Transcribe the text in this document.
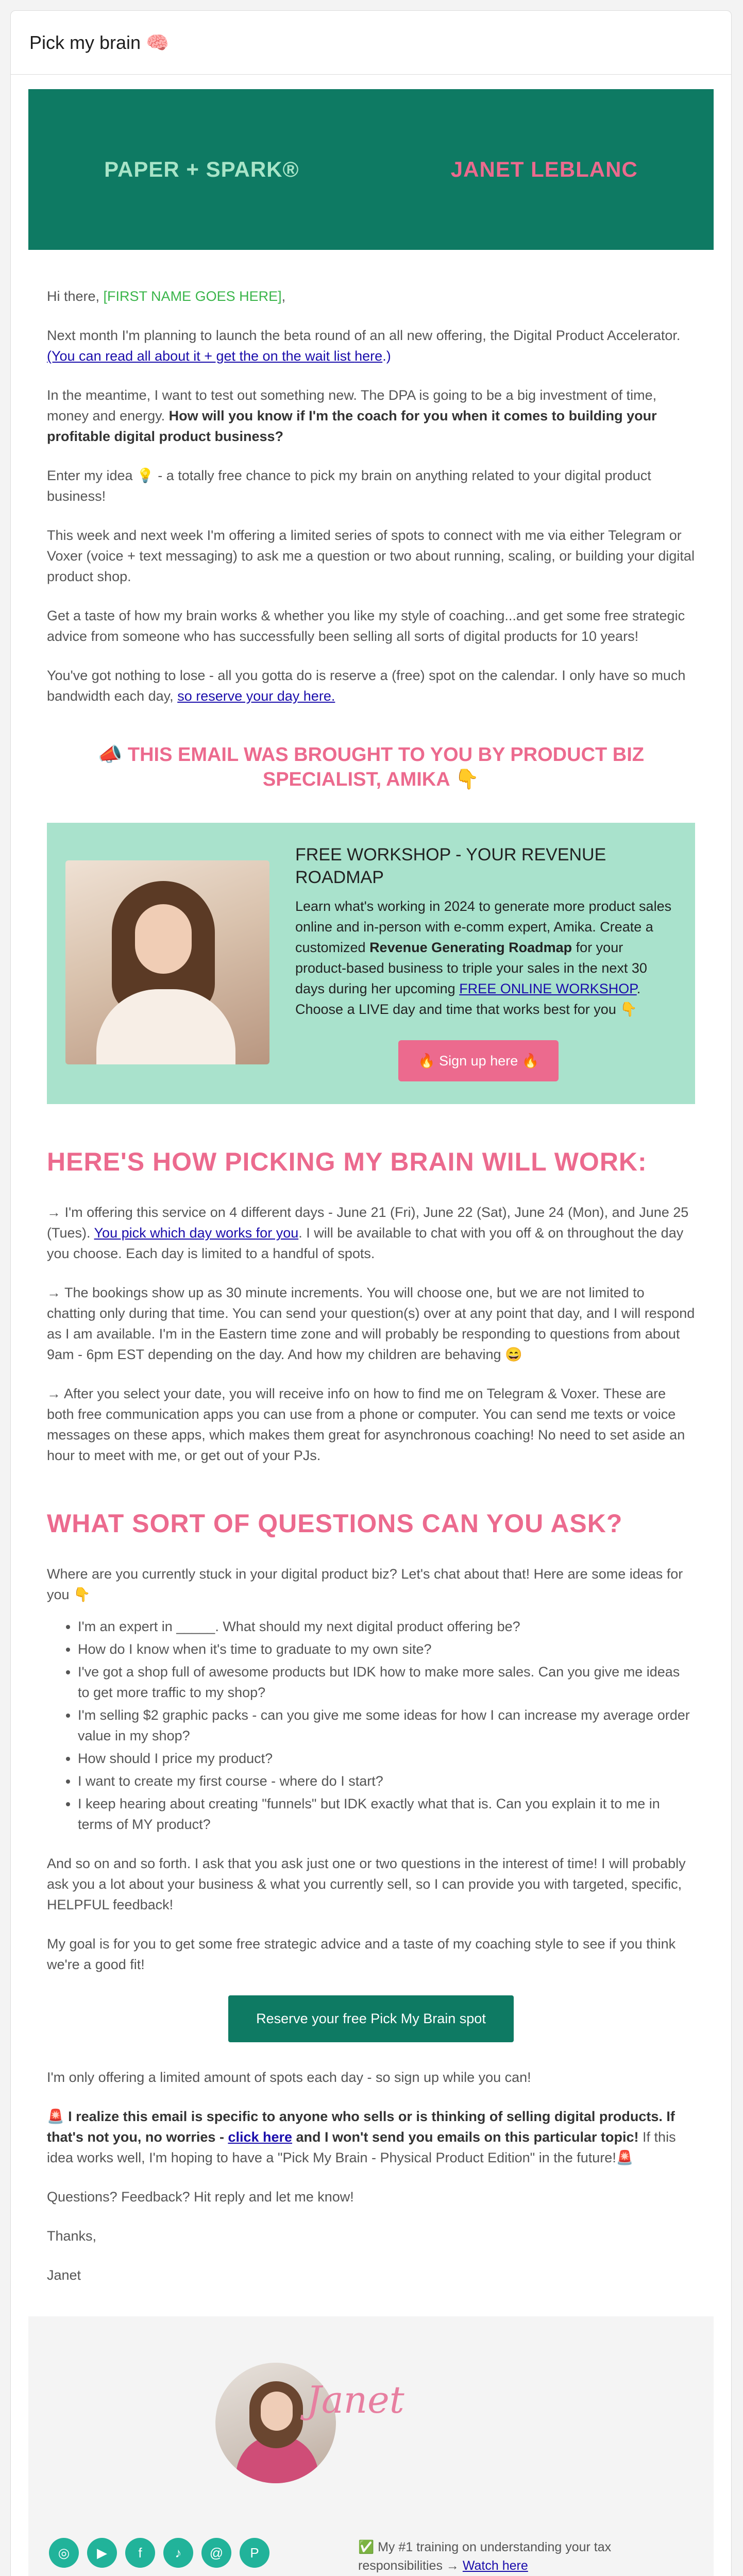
Pick my brain 🧠
PAPER + SPARK®	JANET LEBLANC

Hi there, [FIRST NAME GOES HERE],

Next month I'm planning to launch the beta round of an all new offering, the Digital Product Accelerator. (You can read all about it + get the on the wait list here.)

In the meantime, I want to test out something new. The DPA is going to be a big investment of time, money and energy. How will you know if I'm the coach for you when it comes to building your profitable digital product business?

Enter my idea 💡 - a totally free chance to pick my brain on anything related to your digital product business!

This week and next week I'm offering a limited series of spots to connect with me via either Telegram or Voxer (voice + text messaging) to ask me a question or two about running, scaling, or building your digital product shop.

Get a taste of how my brain works & whether you like my style of coaching...and get some free strategic advice from someone who has successfully been selling all sorts of digital products for 10 years!

You've got nothing to lose - all you gotta do is reserve a (free) spot on the calendar. I only have so much bandwidth each day, so reserve your day here.

📣 THIS EMAIL WAS BROUGHT TO YOU BY PRODUCT BIZ SPECIALIST, AMIKA 👇
FREE WORKSHOP - YOUR REVENUE ROADMAP
Learn what's working in 2024 to generate more product sales online and in-person with e-comm expert, Amika. Create a customized Revenue Generating Roadmap for your product-based business to triple your sales in the next 30 days during her upcoming FREE ONLINE WORKSHOP. Choose a LIVE day and time that works best for you 👇
🔥 Sign up here 🔥
HERE'S HOW PICKING MY BRAIN WILL WORK:

→ I'm offering this service on 4 different days - June 21 (Fri), June 22 (Sat), June 24 (Mon), and June 25 (Tues). You pick which day works for you. I will be available to chat with you off & on throughout the day you choose. Each day is limited to a handful of spots.

→ The bookings show up as 30 minute increments. You will choose one, but we are not limited to chatting only during that time. You can send your question(s) over at any point that day, and I will respond as I am available. I'm in the Eastern time zone and will probably be responding to questions from about 9am - 6pm EST depending on the day. And how my children are behaving 😄

→ After you select your date, you will receive info on how to find me on Telegram & Voxer. These are both free communication apps you can use from a phone or computer. You can send me texts or voice messages on these apps, which makes them great for asynchronous coaching! No need to set aside an hour to meet with me, or get out of your PJs.

WHAT SORT OF QUESTIONS CAN YOU ASK?

Where are you currently stuck in your digital product biz? Let's chat about that! Here are some ideas for you 👇

• I'm an expert in _____. What should my next digital product offering be?
• How do I know when it's time to graduate to my own site?
• I've got a shop full of awesome products but IDK how to make more sales. Can you give me ideas to get more traffic to my shop?
• I'm selling $2 graphic packs - can you give me some ideas for how I can increase my average order value in my shop?
• How should I price my product?
• I want to create my first course - where do I start?
• I keep hearing about creating "funnels" but IDK exactly what that is. Can you explain it to me in terms of MY product?

And so on and so forth. I ask that you ask just one or two questions in the interest of time! I will probably ask you a lot about your business & what you currently sell, so I can provide you with targeted, specific, HELPFUL feedback!

My goal is for you to get some free strategic advice and a taste of my coaching style to see if you think we're a good fit!

Reserve your free Pick My Brain spot

I'm only offering a limited amount of spots each day - so sign up while you can!

🚨 I realize this email is specific to anyone who sells or is thinking of selling digital products. If that's not you, no worries - click here and I won't send you emails on this particular topic! If this idea works well, I'm hoping to have a "Pick My Brain - Physical Product Edition" in the future!🚨

Questions? Feedback? Hit reply and let me know!

Thanks,

Janet

Janet
◎	▶	f	♪	@	P	✅ My #1 training on understanding your tax responsibilities → Watch here
